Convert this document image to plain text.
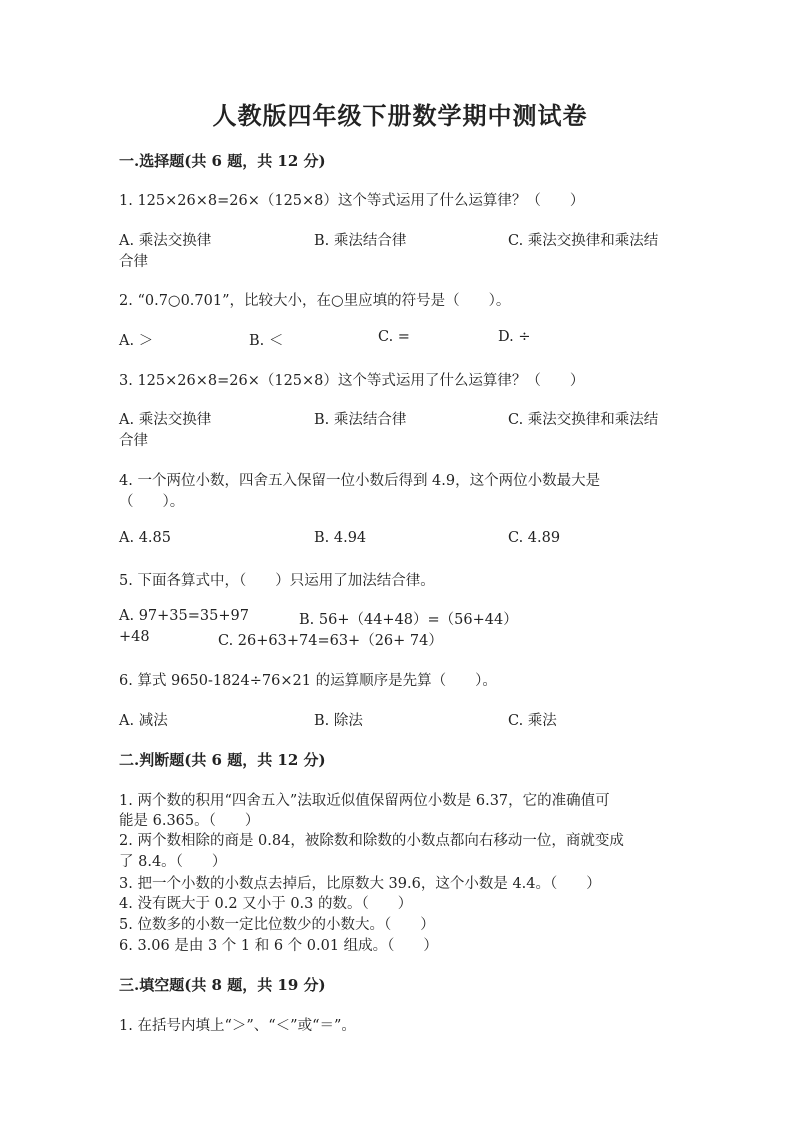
人教版四年级下册数学期中测试卷
一.选择题(共 6 题，共 12 分)
1. 125×26×8=26×（125×8）这个等式运用了什么运算律？（　　）
A. 乘法交换律	B. 乘法结合律	C. 乘法交换律和乘法结
合律
2. “0.7○0.701”，比较大小，在○里应填的符号是（　　）。
A. ＞	B. ＜	C. =	D. ÷
3. 125×26×8=26×（125×8）这个等式运用了什么运算律？（　　）
A. 乘法交换律	B. 乘法结合律	C. 乘法交换律和乘法结
合律
4. 一个两位小数，四舍五入保留一位小数后得到 4.9，这个两位小数最大是
（　　）。
A. 4.85	B. 4.94	C. 4.89
5. 下面各算式中，（　　）只运用了加法结合律。
A. 97+35=35+97	B. 56+（44+48）=（56+44）
+48	C. 26+63+74=63+（26+ 74）
6. 算式 9650-1824÷76×21 的运算顺序是先算（　　）。
A. 减法	B. 除法	C. 乘法
二.判断题(共 6 题，共 12 分)
1. 两个数的积用“四舍五入”法取近似值保留两位小数是 6.37，它的准确值可
能是 6.365。（　　）
2. 两个数相除的商是 0.84，被除数和除数的小数点都向右移动一位，商就变成
了 8.4。（　　）
3. 把一个小数的小数点去掉后，比原数大 39.6，这个小数是 4.4。（　　）
4. 没有既大于 0.2 又小于 0.3 的数。（　　）
5. 位数多的小数一定比位数少的小数大。（　　）
6. 3.06 是由 3 个 1 和 6 个 0.01 组成。（　　）
三.填空题(共 8 题，共 19 分)
1. 在括号内填上“＞”、“＜”或“＝”。
